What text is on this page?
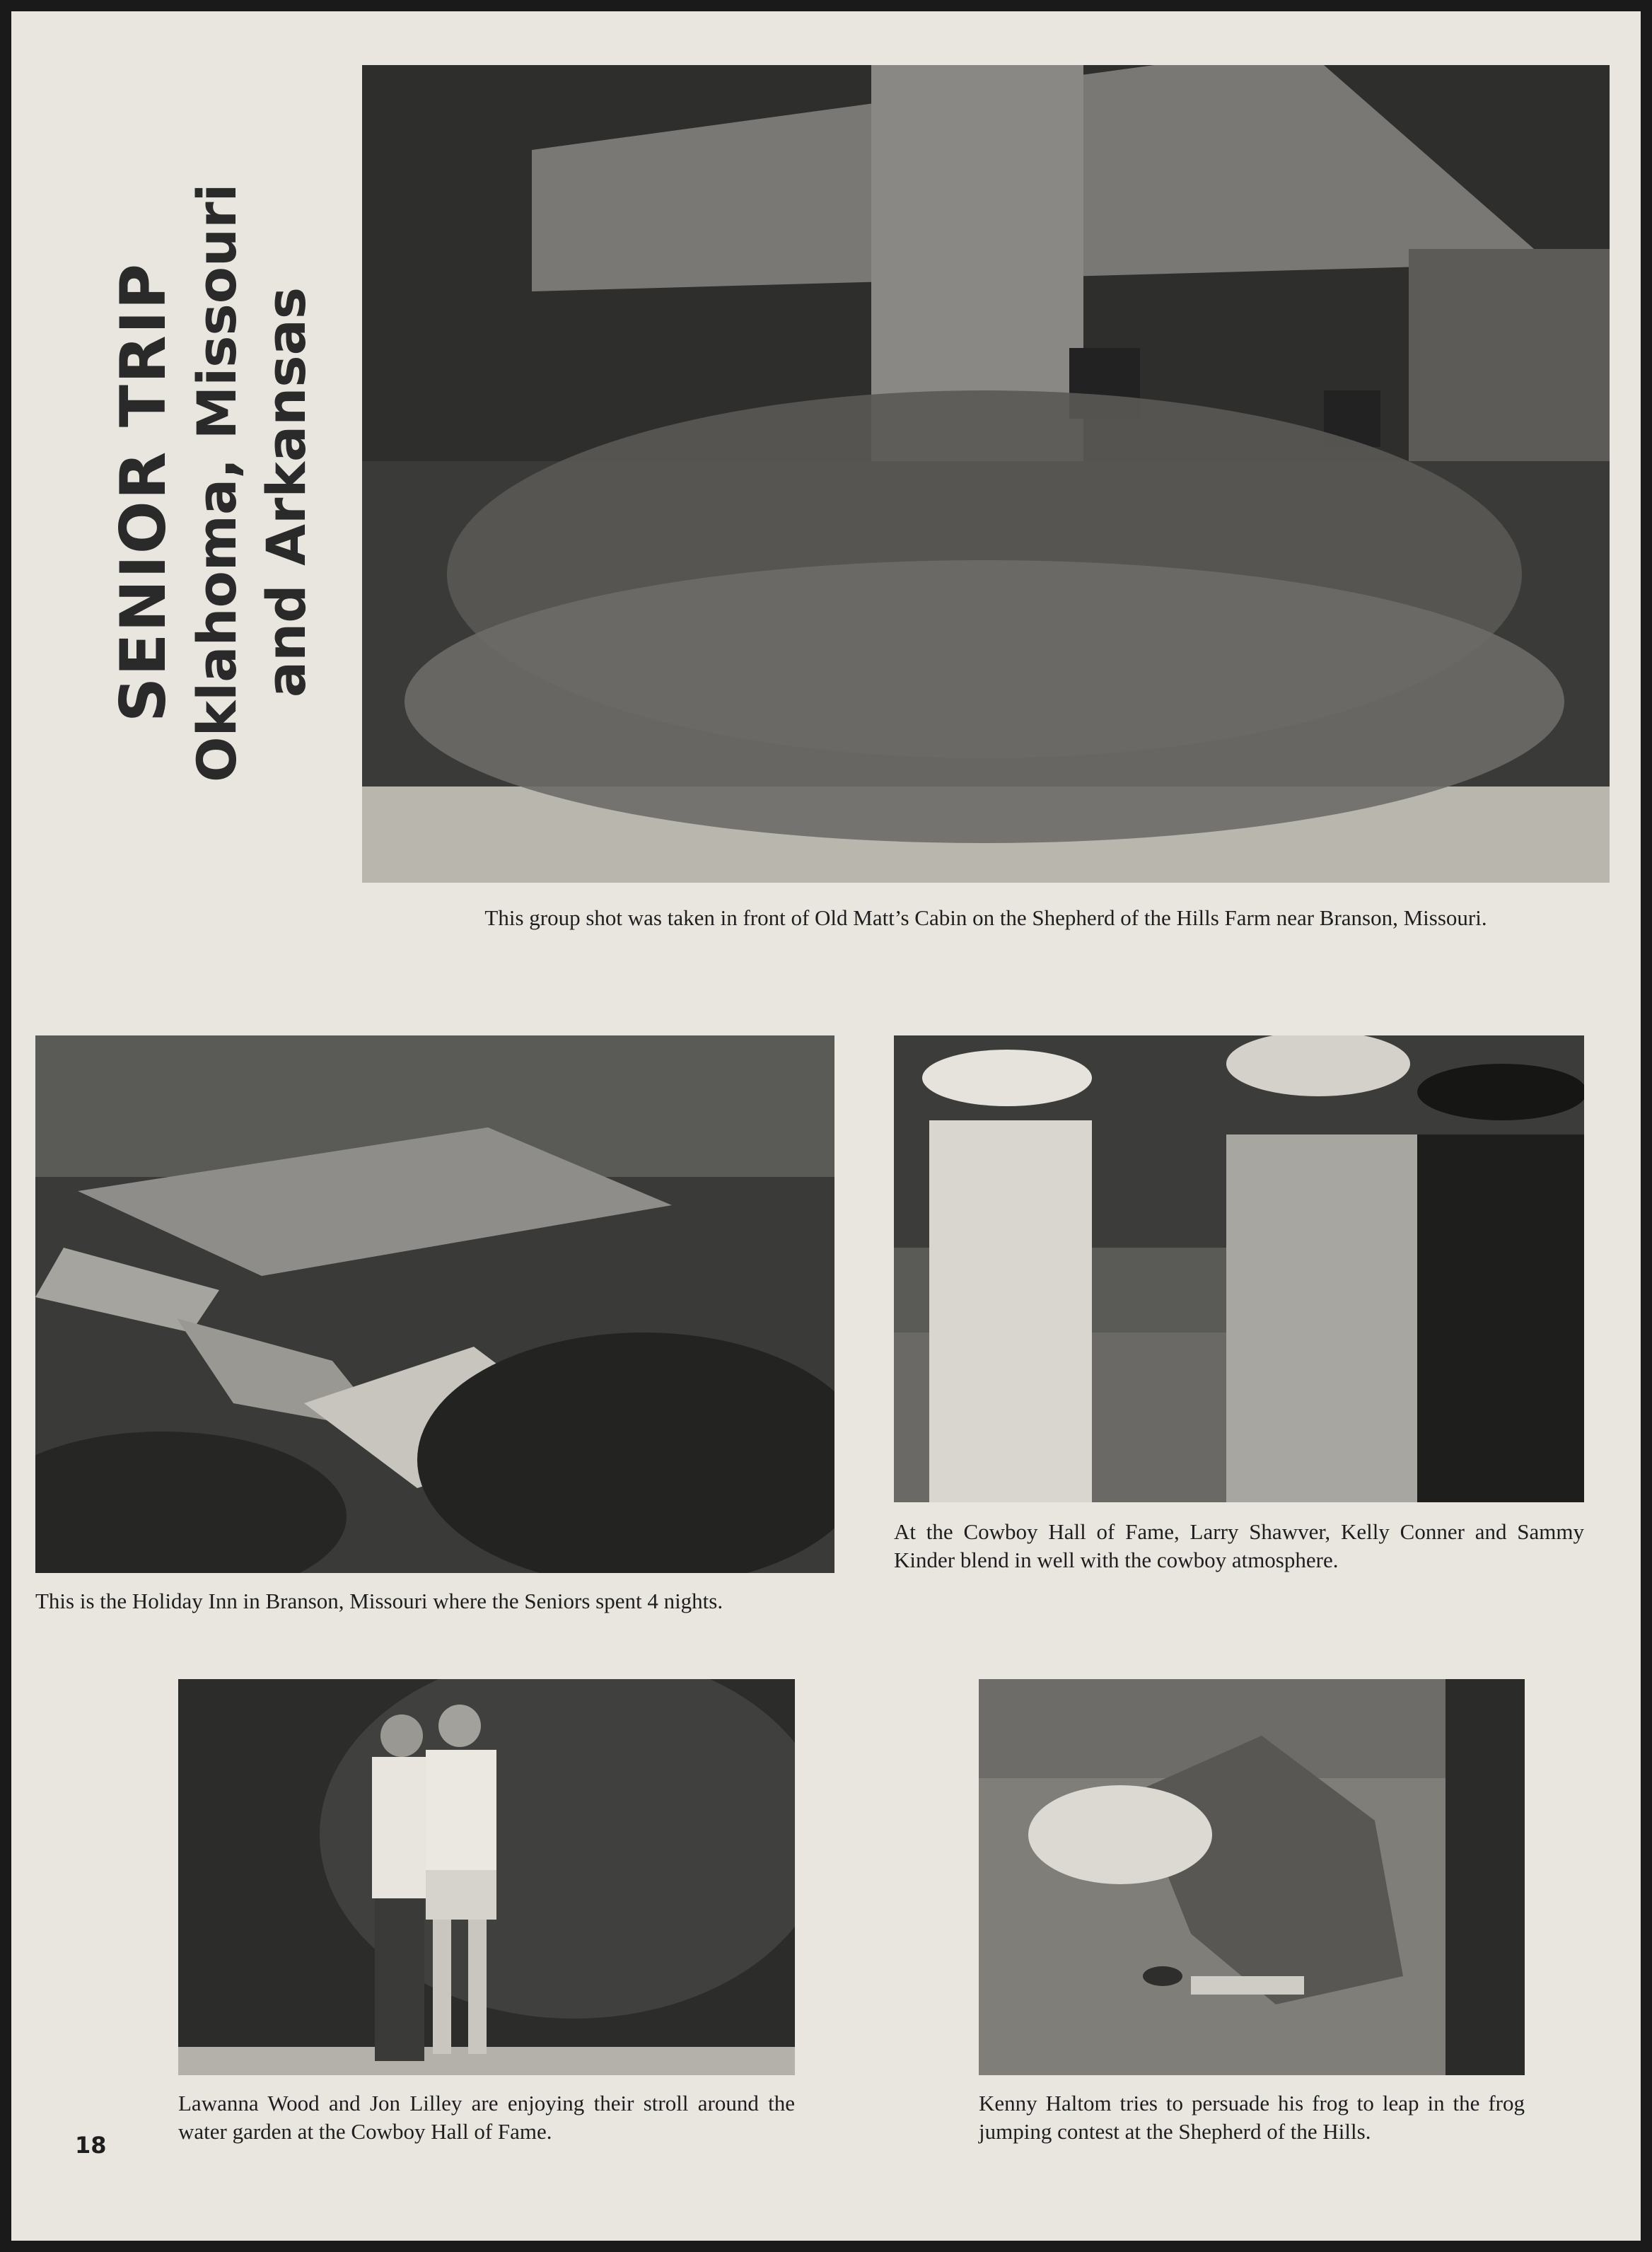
SENIOR TRIP Oklahoma, Missouri and Arkansas
This group shot was taken in front of Old Matt’s Cabin on the Shepherd of the Hills Farm near Branson, Missouri.
This is the Holiday Inn in Branson, Missouri where the Seniors spent 4 nights.
At the Cowboy Hall of Fame, Larry Shawver, Kelly Conner and Sammy Kinder blend in well with the cowboy atmosphere.
Lawanna Wood and Jon Lilley are enjoying their stroll around the water garden at the Cowboy Hall of Fame.
Kenny Haltom tries to persuade his frog to leap in the frog jumping contest at the Shepherd of the Hills.
18
